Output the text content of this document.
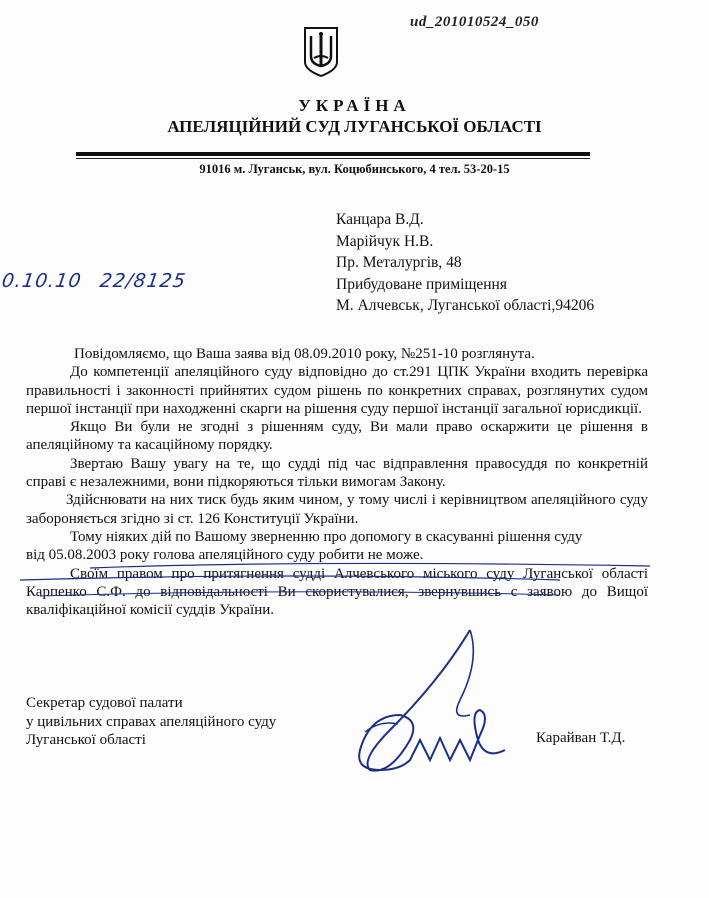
ud_201010524_050
УКРАЇНА
АПЕЛЯЦІЙНИЙ СУД ЛУГАНСЬКОЇ ОБЛАСТІ
91016 м. Луганськ, вул. Коцюбинського, 4 тел. 53-20-15
Канцара В.Д.
Марійчук Н.В.
Пр. Металургів, 48
Прибудоване приміщення
М. Алчевськ, Луганської області,94206
0.10.10 22/8125

Повідомляємо, що Ваша заява від 08.09.2010 року, №251-10 розглянута.

До компетенції апеляційного суду відповідно до ст.291 ЦПК України входить перевірка правильності і законності прийнятих судом рішень по конкретних справах, розглянутих судом першої інстанції при находженні скарги на рішення суду першої інстанції загальної юрисдикції.

Якщо Ви були не згодні з рішенням суду, Ви мали право оскаржити це рішення в апеляційному та касаційному порядку.

Звертаю Вашу увагу на те, що судді під час відправлення правосуддя по конкретній справі є незалежними, вони підкоряються тільки вимогам Закону.

Здійснювати на них тиск будь яким чином, у тому числі і керівництвом апеляційного суду забороняється згідно зі ст. 126 Конституції України.

Тому ніяких дій по Вашому зверненню про допомогу в скасуванні рішення суду

від 05.08.2003 року голова апеляційного суду робити не може.

Своїм правом про притягнення судді Алчевського міського суду Луганської області Карпенко С.Ф. до відповідальності Ви скористувалися, звернувшись с заявою до Вищої кваліфікаційної комісії суддів України.

Секретар судової палати
у цивільних справах апеляційного суду
Луганської області	Карайван Т.Д.
